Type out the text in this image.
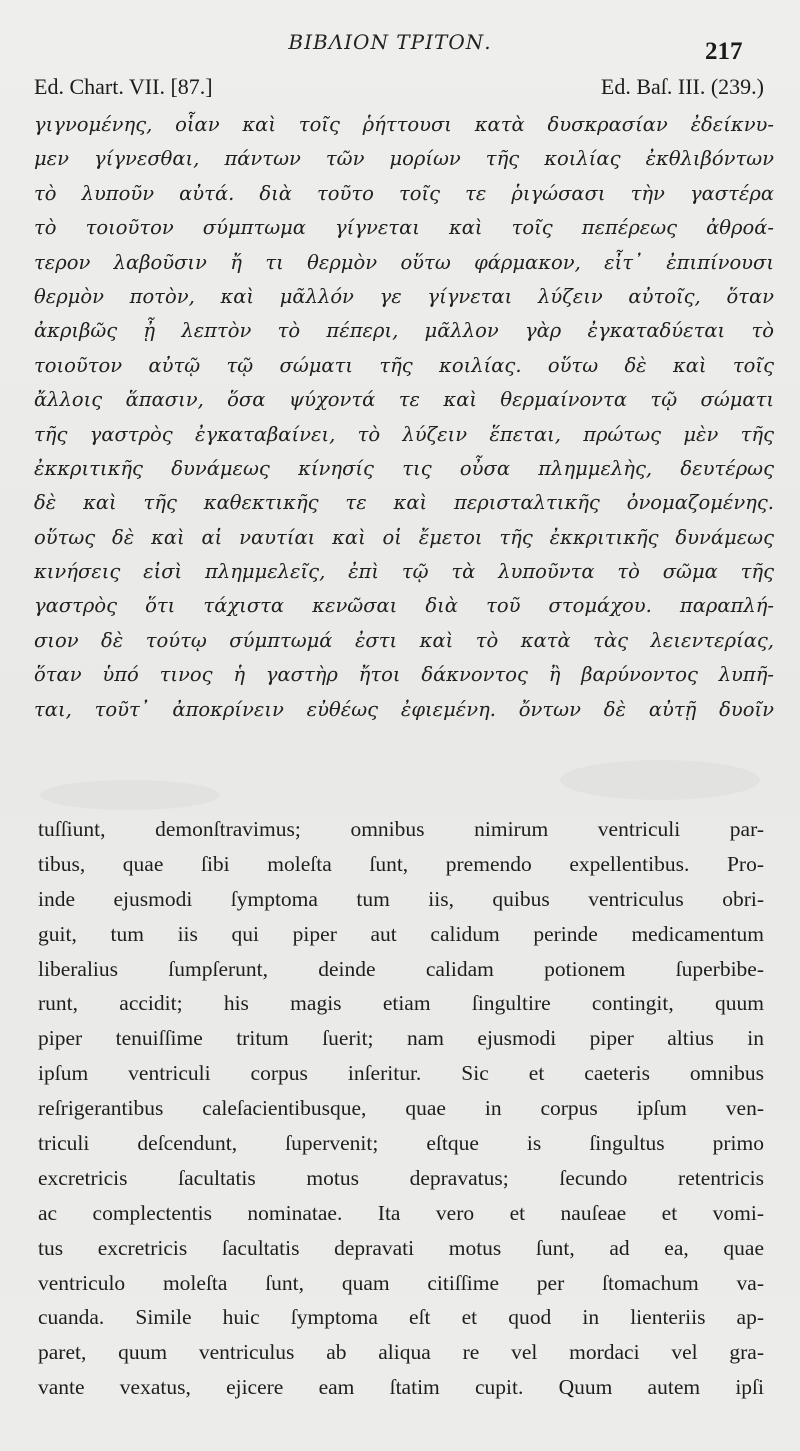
BIBΛIΟΝ ΤΡΙΤΟΝ.	217
Ed. Chart. VII. [87.]	Ed. Baſ. III. (239.)
γιγνομένης, οἷαν καὶ τοῖς ῥήττουσι κατὰ δυσκρασίαν ἐδείκνυ-
μεν γίγνεσθαι, πάντων τῶν μορίων τῆς κοιλίας ἐκθλιβόντων
τὸ λυποῦν αὐτά. διὰ τοῦτο τοῖς τε ῥιγώσασι τὴν γαστέρα
τὸ τοιοῦτον σύμπτωμα γίγνεται καὶ τοῖς πεπέρεως ἀθροά-
τερον λαβοῦσιν ἤ τι θερμὸν οὕτω φάρμακον, εἶτ᾽ ἐπιπίνουσι
θερμὸν ποτὸν, καὶ μᾶλλόν γε γίγνεται λύζειν αὐτοῖς, ὅταν
ἀκριβῶς ᾖ λεπτὸν τὸ πέπερι, μᾶλλον γὰρ ἐγκαταδύεται τὸ
τοιοῦτον αὐτῷ τῷ σώματι τῆς κοιλίας. οὕτω δὲ καὶ τοῖς
ἄλλοις ἅπασιν, ὅσα ψύχοντά τε καὶ θερμαίνοντα τῷ σώματι
τῆς γαστρὸς ἐγκαταβαίνει, τὸ λύζειν ἕπεται, πρώτως μὲν τῆς
ἐκκριτικῆς δυνάμεως κίνησίς τις οὖσα πλημμελὴς, δευτέρως
δὲ καὶ τῆς καθεκτικῆς τε καὶ περισταλτικῆς ὀνομαζομένης.
οὕτως δὲ καὶ αἱ ναυτίαι καὶ οἱ ἔμετοι τῆς ἐκκριτικῆς δυνάμεως
κινήσεις εἰσὶ πλημμελεῖς, ἐπὶ τῷ τὰ λυποῦντα τὸ σῶμα τῆς
γαστρὸς ὅτι τάχιστα κενῶσαι διὰ τοῦ στομάχου. παραπλή-
σιον δὲ τούτῳ σύμπτωμά ἐστι καὶ τὸ κατὰ τὰς λειεντερίας,
ὅταν ὑπό τινος ἡ γαστὴρ ἤτοι δάκνοντος ἢ βαρύνοντος λυπῆ-
ται, τοῦτ᾽ ἀποκρίνειν εὐθέως ἐφιεμένη. ὄντων δὲ αὐτῇ δυοῖν
tuſſiunt, demonſtravimus; omnibus nimirum ventriculi par-
tibus, quae ſibi moleſta ſunt, premendo expellentibus. Pro-
inde ejusmodi ſymptoma tum iis, quibus ventriculus obri-
guit, tum iis qui piper aut calidum perinde medicamentum
liberalius ſumpſerunt, deinde calidam potionem ſuperbibe-
runt, accidit; his magis etiam ſingultire contingit, quum
piper tenuiſſime tritum ſuerit; nam ejusmodi piper altius in
ipſum ventriculi corpus inſeritur. Sic et caeteris omnibus
reſrigerantibus caleſacientibusque, quae in corpus ipſum ven-
triculi deſcendunt, ſupervenit; eſtque is ſingultus primo
excretricis ſacultatis motus depravatus; ſecundo retentricis
ac complectentis nominatae. Ita vero et nauſeae et vomi-
tus excretricis ſacultatis depravati motus ſunt, ad ea, quae
ventriculo moleſta ſunt, quam citiſſime per ſtomachum va-
cuanda. Simile huic ſymptoma eſt et quod in lienteriis ap-
paret, quum ventriculus ab aliqua re vel mordaci vel gra-
vante vexatus, ejicere eam ſtatim cupit. Quum autem ipſi
